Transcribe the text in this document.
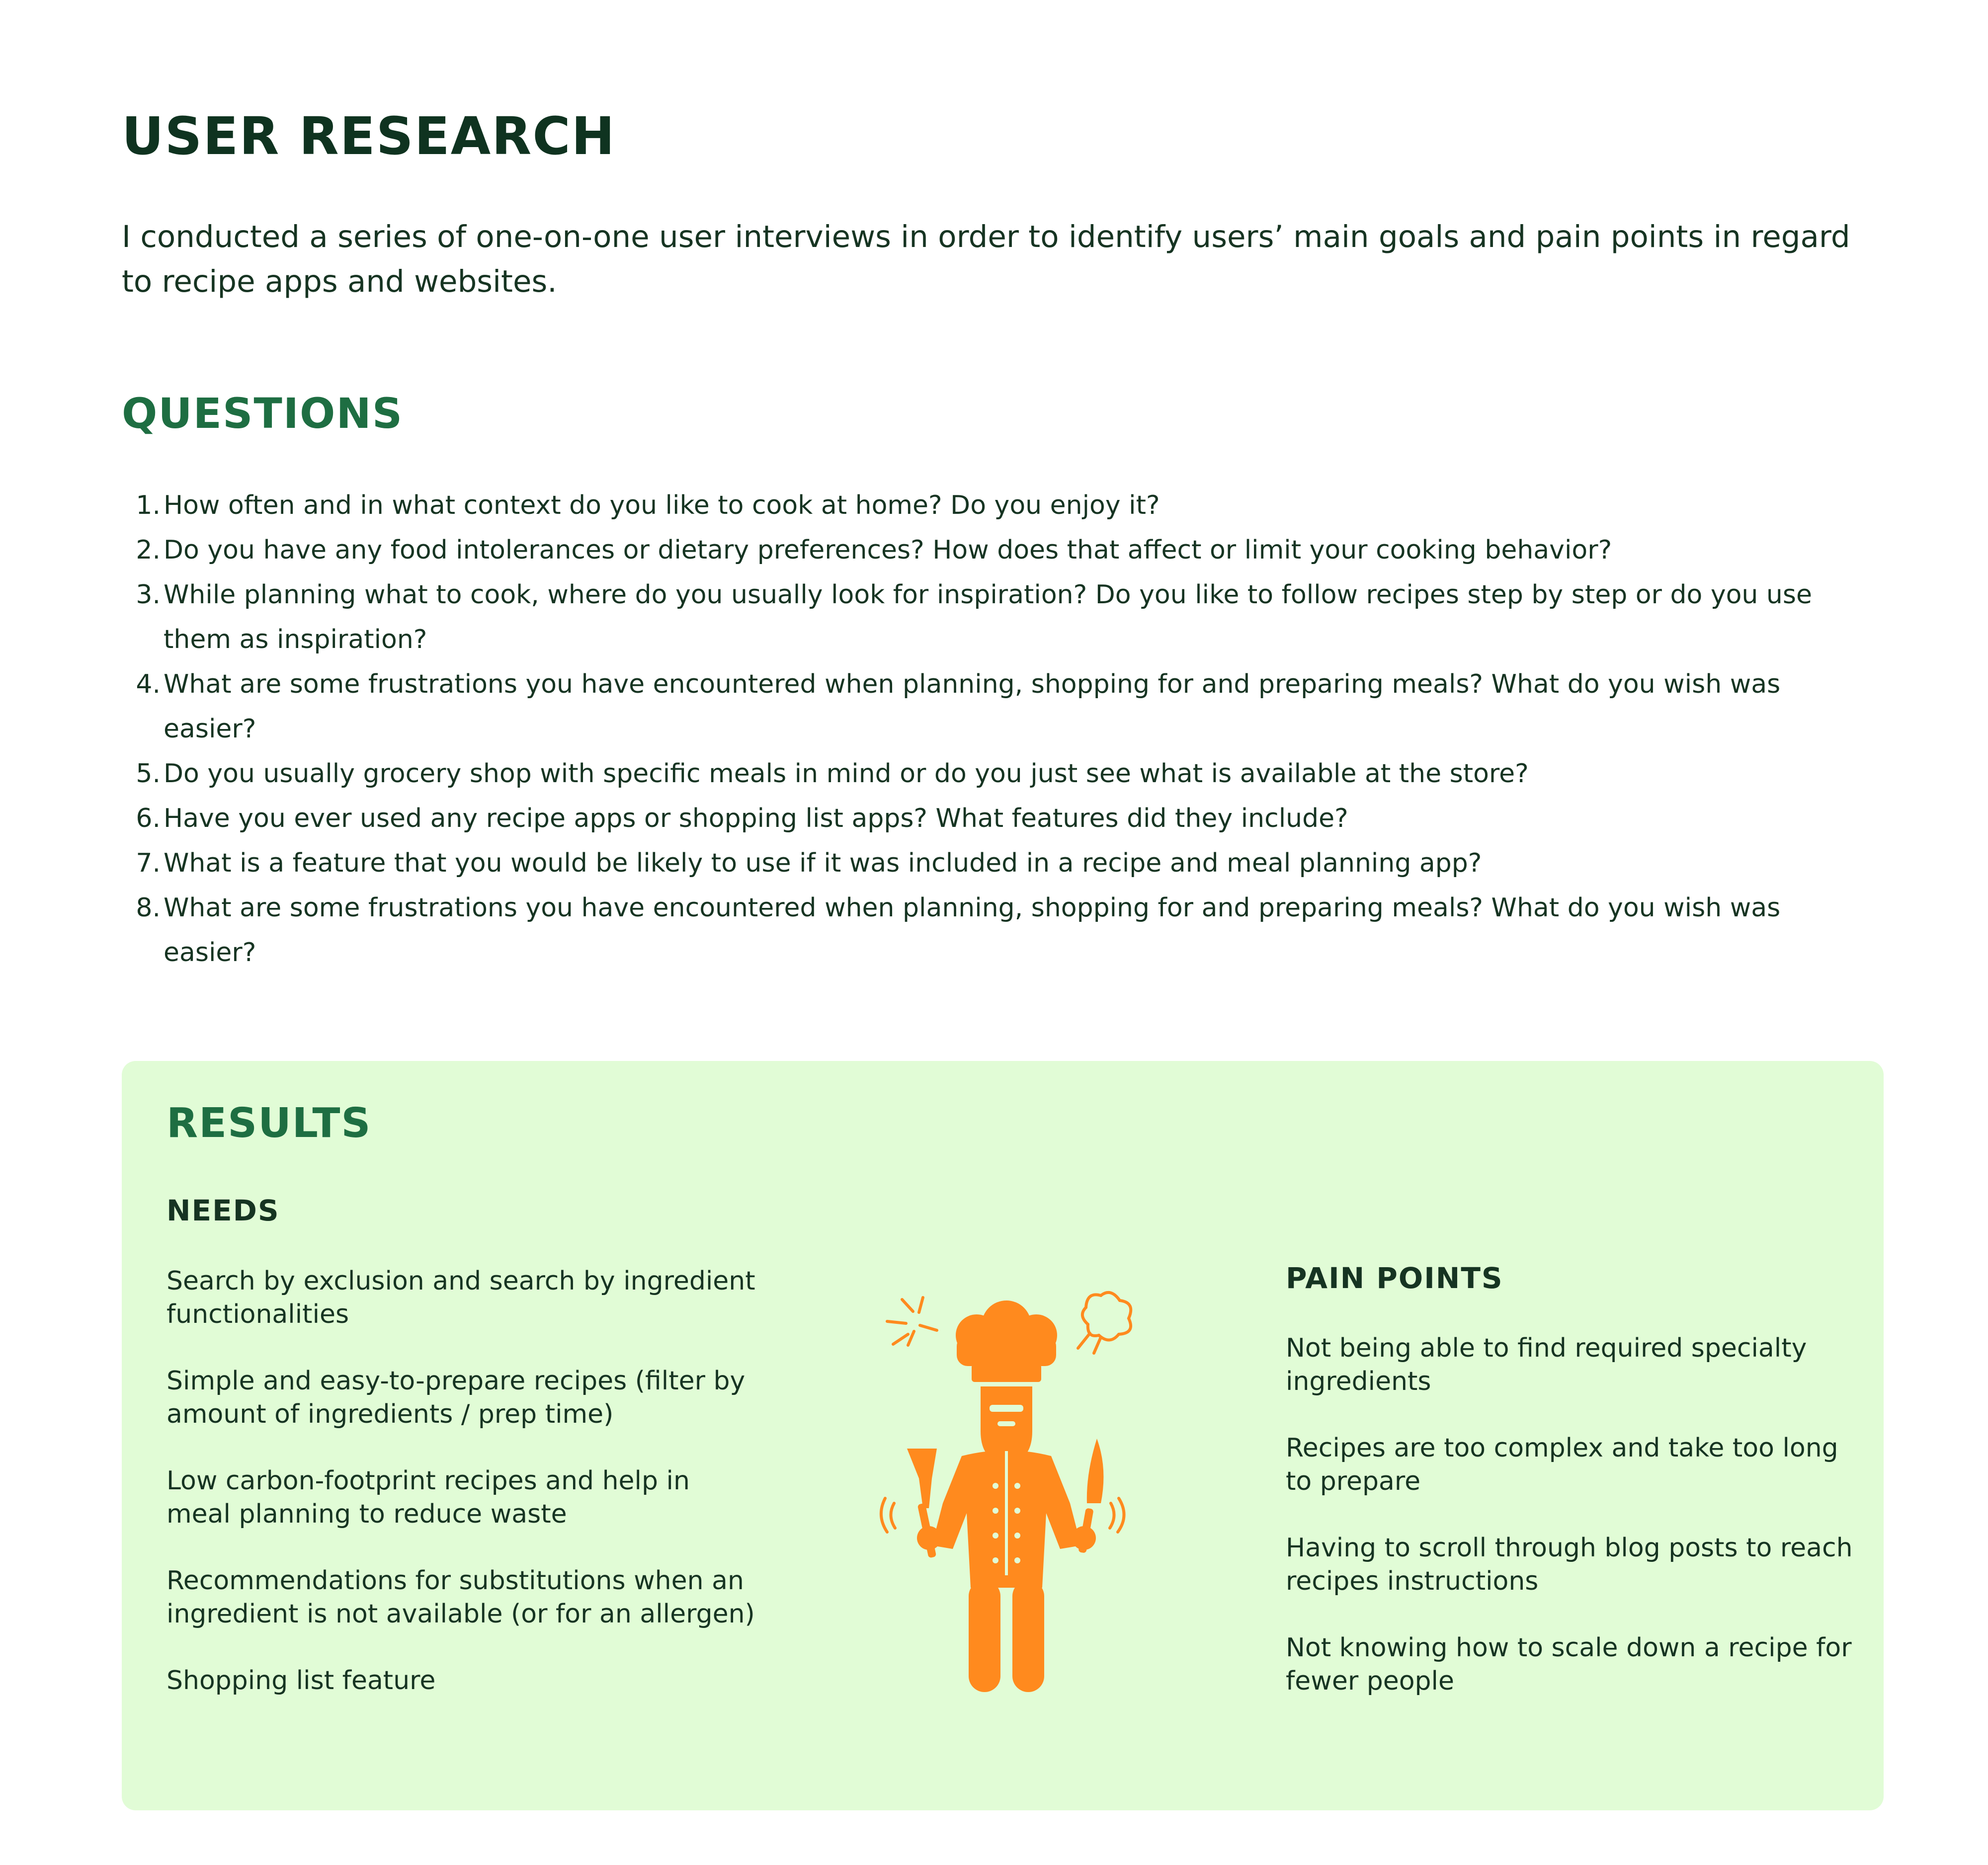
USER RESEARCH

I conducted a series of one-on-one user interviews in order to identify users’ main goals and pain points in regard to recipe apps and websites.

QUESTIONS
1. How often and in what context do you like to cook at home? Do you enjoy it?
2. Do you have any food intolerances or dietary preferences? How does that affect or limit your cooking behavior?
3. While planning what to cook, where do you usually look for inspiration? Do you like to follow recipes step by step or do you use them as inspiration?
4. What are some frustrations you have encountered when planning, shopping for and preparing meals? What do you wish was easier?
5. Do you usually grocery shop with specific meals in mind or do you just see what is available at the store?
6. Have you ever used any recipe apps or shopping list apps? What features did they include?
7. What is a feature that you would be likely to use if it was included in a recipe and meal planning app?
8. What are some frustrations you have encountered when planning, shopping for and preparing meals? What do you wish was easier?
RESULTS
NEEDS
Search by exclusion and search by ingredient functionalities
Simple and easy-to-prepare recipes (filter by amount of ingredients / prep time)
Low carbon-footprint recipes and help in meal planning to reduce waste
Recommendations for substitutions when an ingredient is not available (or for an allergen)
Shopping list feature
PAIN POINTS
Not being able to find required specialty ingredients
Recipes are too complex and take too long to prepare
Having to scroll through blog posts to reach recipes instructions
Not knowing how to scale down a recipe for fewer people
